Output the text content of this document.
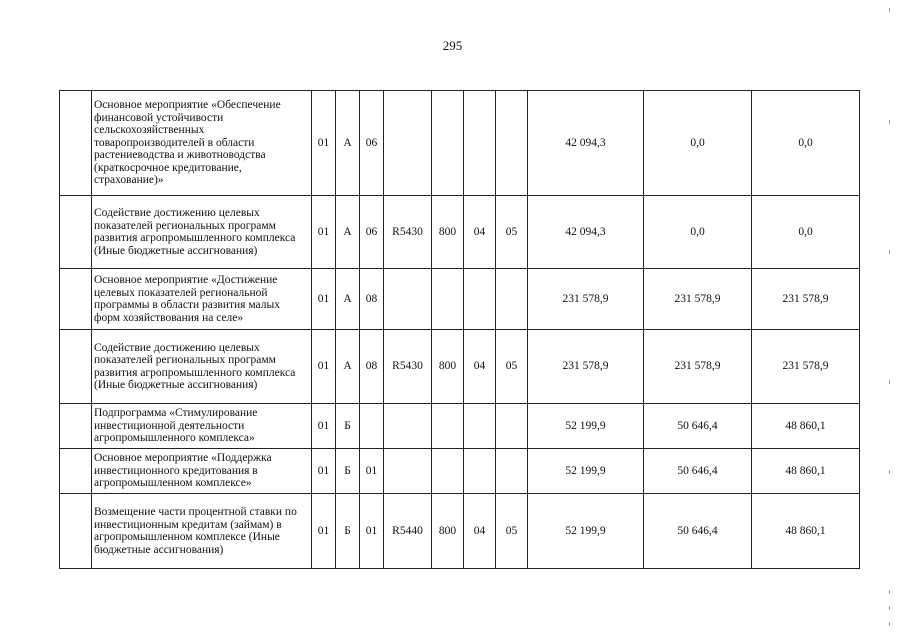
295
	Основное мероприятие «Обеспечение финансовой устойчивости сельскохозяйственных товаропроизводителей в области растениеводства и животноводства (краткосрочное кредитование, страхование)»	01	А	06					42 094,3	0,0	0,0
	Содействие достижению целевых показателей региональных программ развития агропромышленного комплекса (Иные бюджетные ассигнования)	01	А	06	R5430	800	04	05	42 094,3	0,0	0,0
	Основное мероприятие «Достижение целевых показателей региональной программы в области развития малых форм хозяйствования на селе»	01	А	08					231 578,9	231 578,9	231 578,9
	Содействие достижению целевых показателей региональных программ развития агропромышленного комплекса (Иные бюджетные ассигнования)	01	А	08	R5430	800	04	05	231 578,9	231 578,9	231 578,9
	Подпрограмма «Стимулирование инвестиционной деятельности агропромышленного комплекса»	01	Б						52 199,9	50 646,4	48 860,1
	Основное мероприятие «Поддержка инвестиционного кредитования в агропромышленном комплексе»	01	Б	01					52 199,9	50 646,4	48 860,1
	Возмещение части процентной ставки по инвестиционным кредитам (займам) в агропромышленном комплексе (Иные бюджетные ассигнования)	01	Б	01	R5440	800	04	05	52 199,9	50 646,4	48 860,1
